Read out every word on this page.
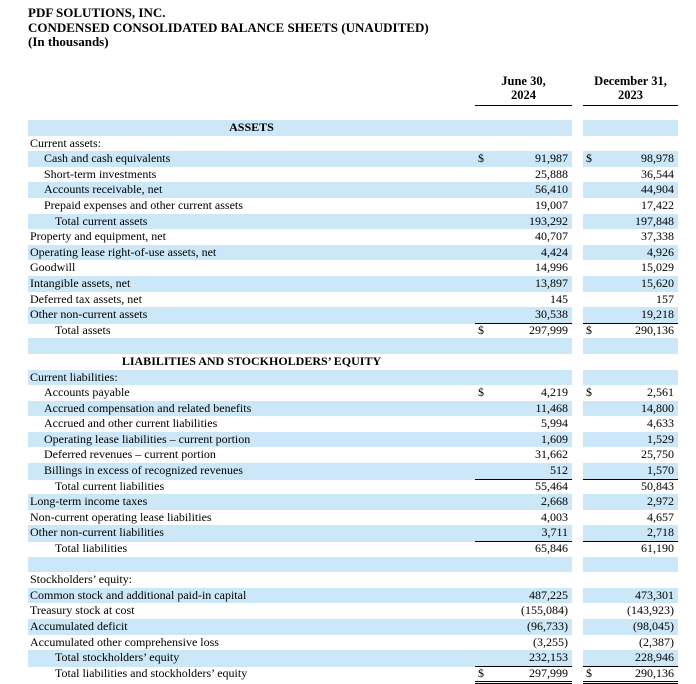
PDF SOLUTIONS, INC.
CONDENSED CONSOLIDATED BALANCE SHEETS (UNAUDITED)
(In thousands)
June 30,
2024
December 31,
2023
ASSETS
Current assets:
Cash and cash equivalents	$	91,987 $	98,978
Short-term investments	25,888	36,544
Accounts receivable, net	56,410	44,904
Prepaid expenses and other current assets	19,007	17,422
Total current assets	193,292	197,848
Property and equipment, net	40,707	37,338
Operating lease right-of-use assets, net	4,424	4,926
Goodwill	14,996	15,029
Intangible assets, net	13,897	15,620
Deferred tax assets, net	145	157
Other non-current assets	30,538	19,218
Total assets	$	297,999 $	290,136
LIABILITIES AND STOCKHOLDERS’ EQUITY
Current liabilities:
Accounts payable	$	4,219 $	2,561
Accrued compensation and related benefits	11,468	14,800
Accrued and other current liabilities	5,994	4,633
Operating lease liabilities – current portion	1,609	1,529
Deferred revenues – current portion	31,662	25,750
Billings in excess of recognized revenues	512	1,570
Total current liabilities	55,464	50,843
Long-term income taxes	2,668	2,972
Non-current operating lease liabilities	4,003	4,657
Other non-current liabilities	3,711	2,718
Total liabilities	65,846	61,190
Stockholders’ equity:
Common stock and additional paid-in capital	487,225	473,301
Treasury stock at cost	(155,084)	(143,923)
Accumulated deficit	(96,733)	(98,045)
Accumulated other comprehensive loss	(3,255)	(2,387)
Total stockholders’ equity	232,153	228,946
Total liabilities and stockholders’ equity	$	297,999 $	290,136
